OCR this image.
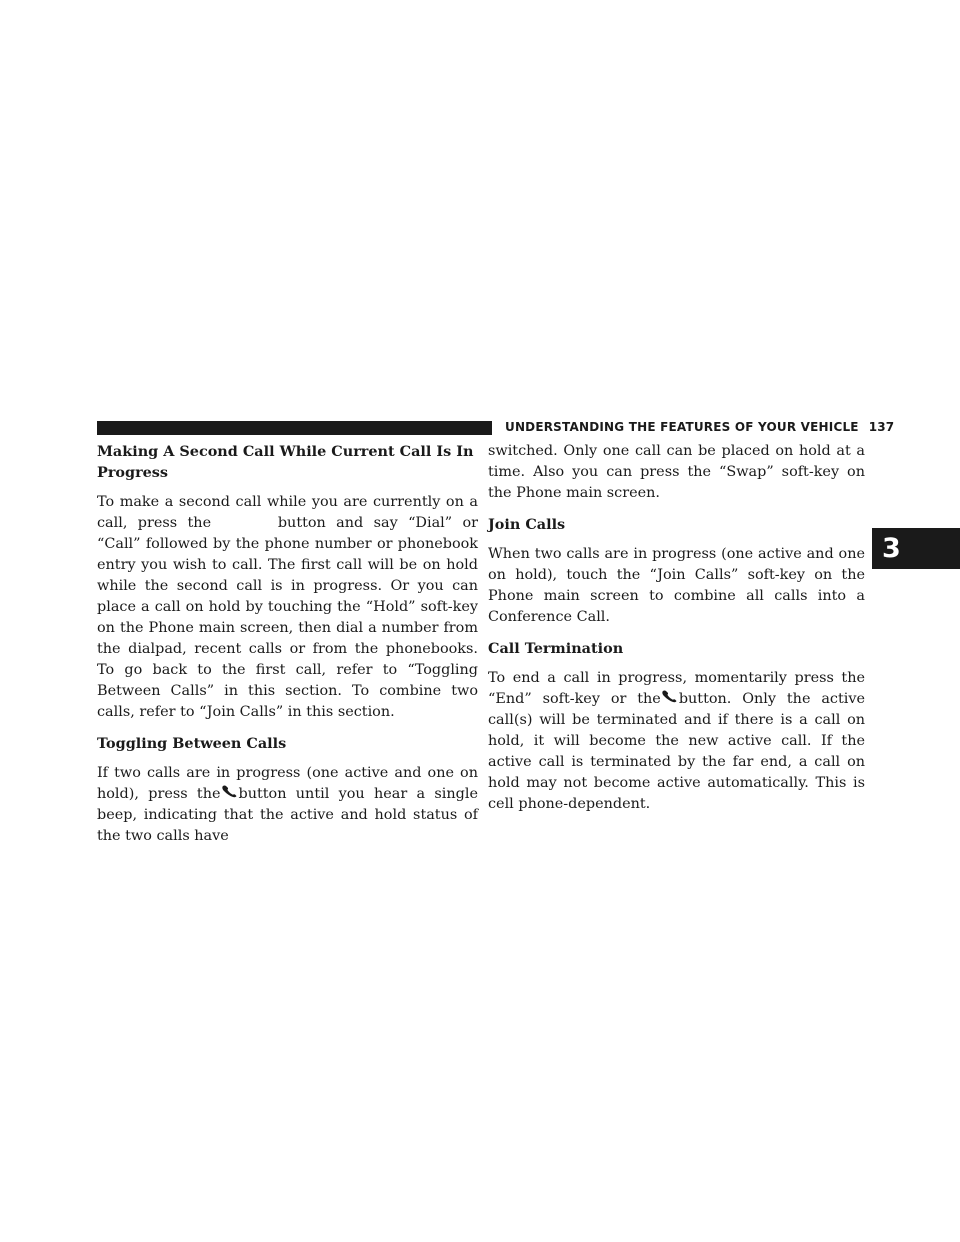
UNDERSTANDING THE FEATURES OF YOUR VEHICLE 137
3
Making A Second Call While Current Call Is In Progress

To make a second call while you are currently on a call, press the	button and say “Dial” or “Call” followed by the phone number or phonebook entry you wish to call. The first call will be on hold while the second call is in progress. Or you can place a call on hold by touching the “Hold” soft-key on the Phone main screen, then dial a number from the dialpad, recent calls or from the phonebooks. To go back to the first call, refer to “Toggling Between Calls” in this section. To combine two calls, refer to “Join Calls” in this section.

Toggling Between Calls

If two calls are in progress (one active and one on hold), press the button until you hear a single beep, indicating that the active and hold status of the two calls have

switched. Only one call can be placed on hold at a time. Also you can press the “Swap” soft-key on the Phone main screen.

Join Calls

When two calls are in progress (one active and one on hold), touch the “Join Calls” soft-key on the Phone main screen to combine all calls into a Conference Call.

Call Termination

To end a call in progress, momentarily press the “End” soft-key or the button. Only the active call(s) will be terminated and if there is a call on hold, it will become the new active call. If the active call is terminated by the far end, a call on hold may not become active automatically. This is cell phone-dependent.
